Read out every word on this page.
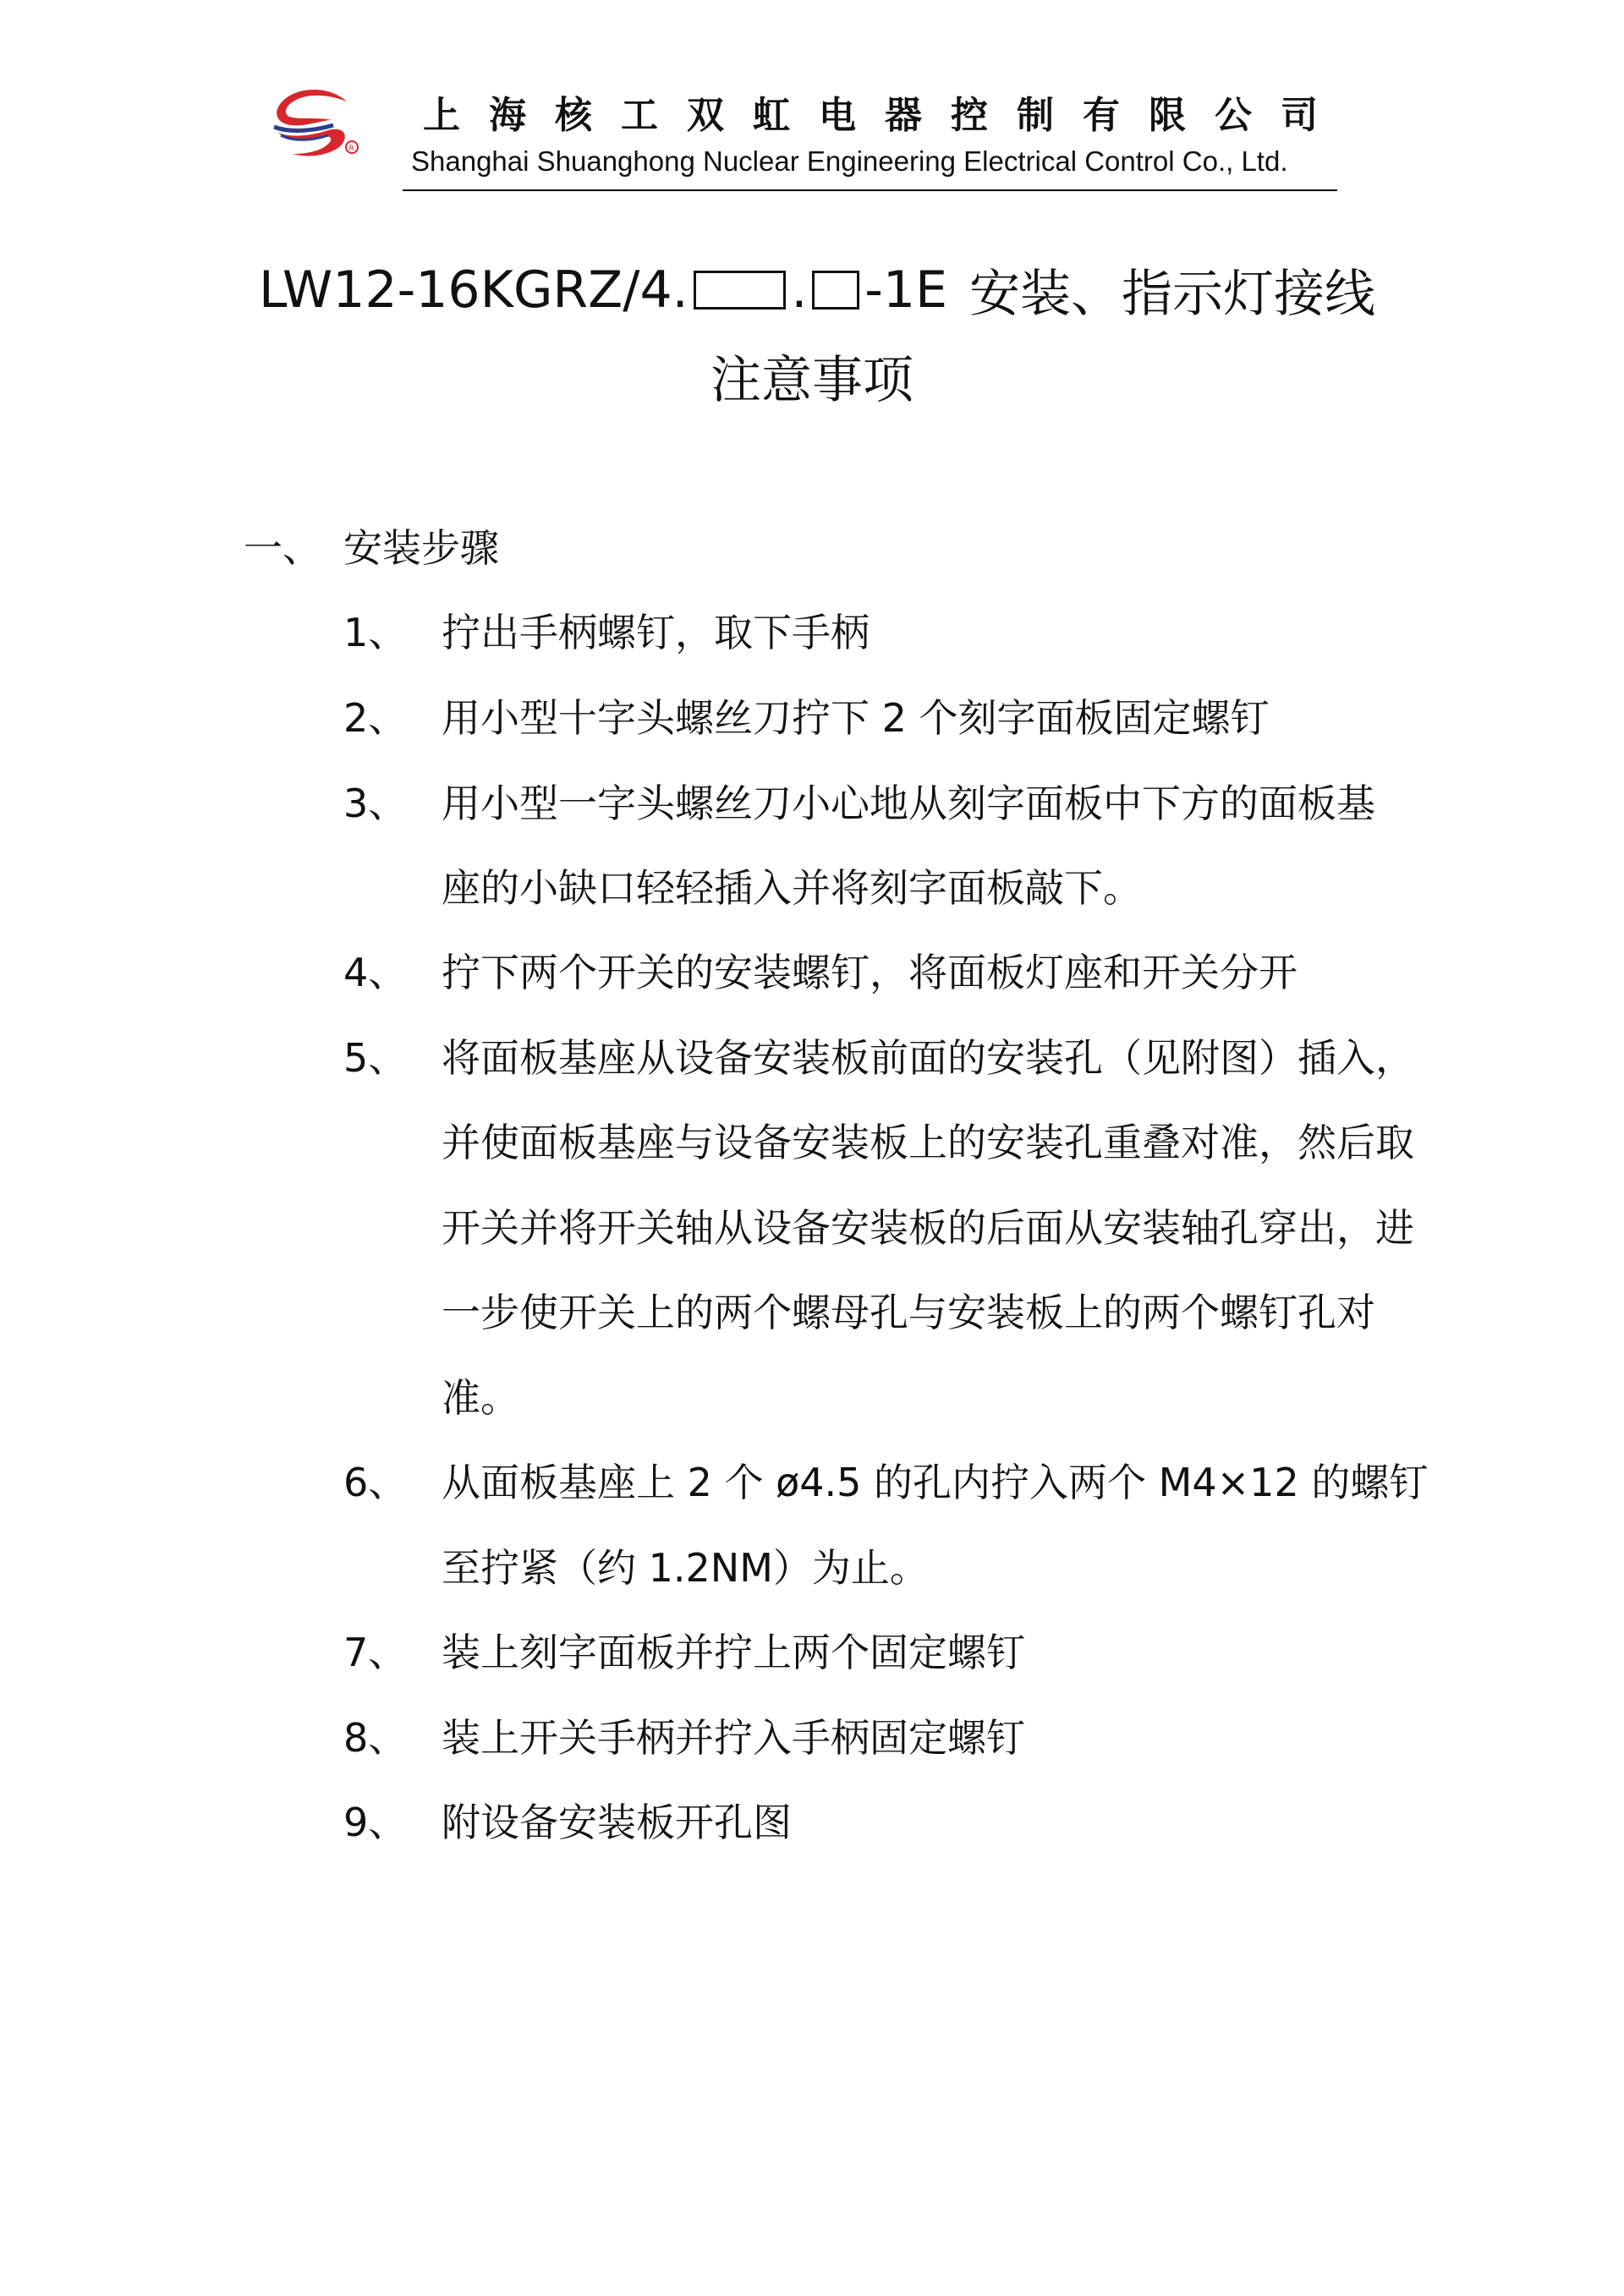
R
上海核工双虹电器控制有限公司
Shanghai Shuanghong Nuclear Engineering Electrical Control Co., Ltd.
LW12-16KGRZ/4. . -1E 安装、指示灯接线
注意事项
一、 安装步骤
1、 拧出手柄螺钉，取下手柄
2、 用小型十字头螺丝刀拧下 2 个刻字面板固定螺钉
3、 用小型一字头螺丝刀小心地从刻字面板中下方的面板基
座的小缺口轻轻插入并将刻字面板敲下。
4、 拧下两个开关的安装螺钉，将面板灯座和开关分开
5、 将面板基座从设备安装板前面的安装孔（见附图）插入，
并使面板基座与设备安装板上的安装孔重叠对准，然后取
开关并将开关轴从设备安装板的后面从安装轴孔穿出，进
一步使开关上的两个螺母孔与安装板上的两个螺钉孔对
准。
6、 从面板基座上 2 个 ø4.5 的孔内拧入两个 M4×12 的螺钉
至拧紧（约 1.2NM）为止。
7、 装上刻字面板并拧上两个固定螺钉
8、 装上开关手柄并拧入手柄固定螺钉
9、 附设备安装板开孔图
